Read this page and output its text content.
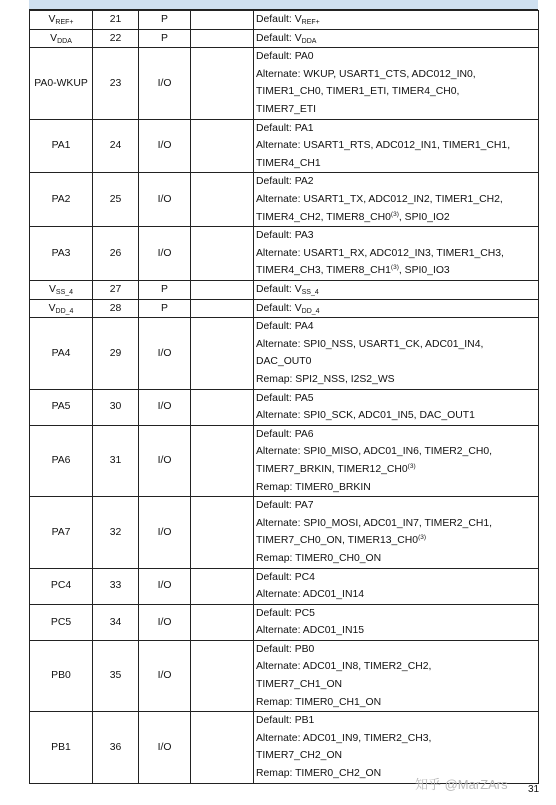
$V_{REF+}$	21	P		Default: $V_{REF+}$

$V_{DDA}$	22	P		Default: $V_{DDA}$

PA0-WKUP	23	I/O		Default: PA0
Alternate: WKUP, USART1_CTS, ADC012_IN0,
TIMER1_CH0, TIMER1_ETI, TIMER4_CH0,
TIMER7_ETI

PA1	24	I/O		Default: PA1
Alternate: USART1_RTS, ADC012_IN1, TIMER1_CH1,
TIMER4_CH1

PA2	25	I/O		Default: PA2
Alternate: USART1_TX, ADC012_IN2, TIMER1_CH2,
TIMER4_CH2, TIMER8_CH0$^{(3)}$, SPI0_IO2

PA3	26	I/O		Default: PA3
Alternate: USART1_RX, ADC012_IN3, TIMER1_CH3,
TIMER4_CH3, TIMER8_CH1$^{(3)}$, SPI0_IO3

$V_{SS\_4}$	27	P		Default: $V_{SS\_4}$

$V_{DD\_4}$	28	P		Default: $V_{DD\_4}$

PA4	29	I/O		Default: PA4
Alternate: SPI0_NSS, USART1_CK, ADC01_IN4,
DAC_OUT0
Remap: SPI2_NSS, I2S2_WS

PA5	30	I/O		Default: PA5
Alternate: SPI0_SCK, ADC01_IN5, DAC_OUT1

PA6	31	I/O		Default: PA6
Alternate: SPI0_MISO, ADC01_IN6, TIMER2_CH0,
TIMER7_BRKIN, TIMER12_CH0$^{(3)}$
Remap: TIMER0_BRKIN

PA7	32	I/O		Default: PA7
Alternate: SPI0_MOSI, ADC01_IN7, TIMER2_CH1,
TIMER7_CH0_ON, TIMER13_CH0$^{(3)}$
Remap: TIMER0_CH0_ON

PC4	33	I/O		Default: PC4
Alternate: ADC01_IN14

PC5	34	I/O		Default: PC5
Alternate: ADC01_IN15

PB0	35	I/O		Default: PB0
Alternate: ADC01_IN8, TIMER2_CH2,
TIMER7_CH1_ON
Remap: TIMER0_CH1_ON

PB1	36	I/O		Default: PB1
Alternate: ADC01_IN9, TIMER2_CH3,
TIMER7_CH2_ON
Remap: TIMER0_CH2_ON
知乎 @MarZArs 31
